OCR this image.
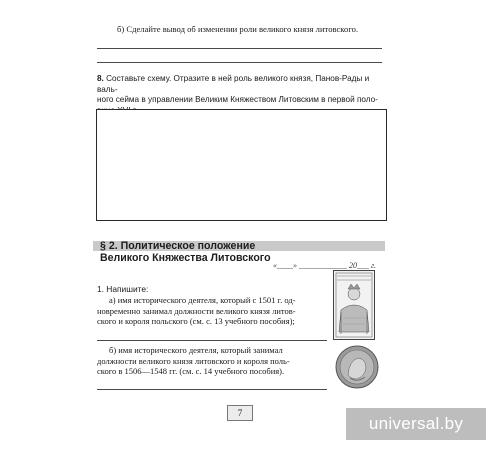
б) Сделайте вывод об изменении роли великого князя литовского.
8. Составьте схему. Отразите в ней роль великого князя, Панов-Рады и валь-
ного сейма в управлении Великим Княжеством Литовским в первой поло-

§ 2. Политическое положение
Великого Княжества Литовского
«____» ____________ 20___ г.
1. Напишите:
а) имя исторического деятеля, который с 1501 г. од-
новременно занимал должности великого князя литов-
ского и короля польского (см. с. 13 учебного пособия);
б) имя исторического деятеля, который занимал
должности великого князя литовского и короля поль-
ского в 1506—1548 гг. (см. с. 14 учебного пособия).
7
universal.by
